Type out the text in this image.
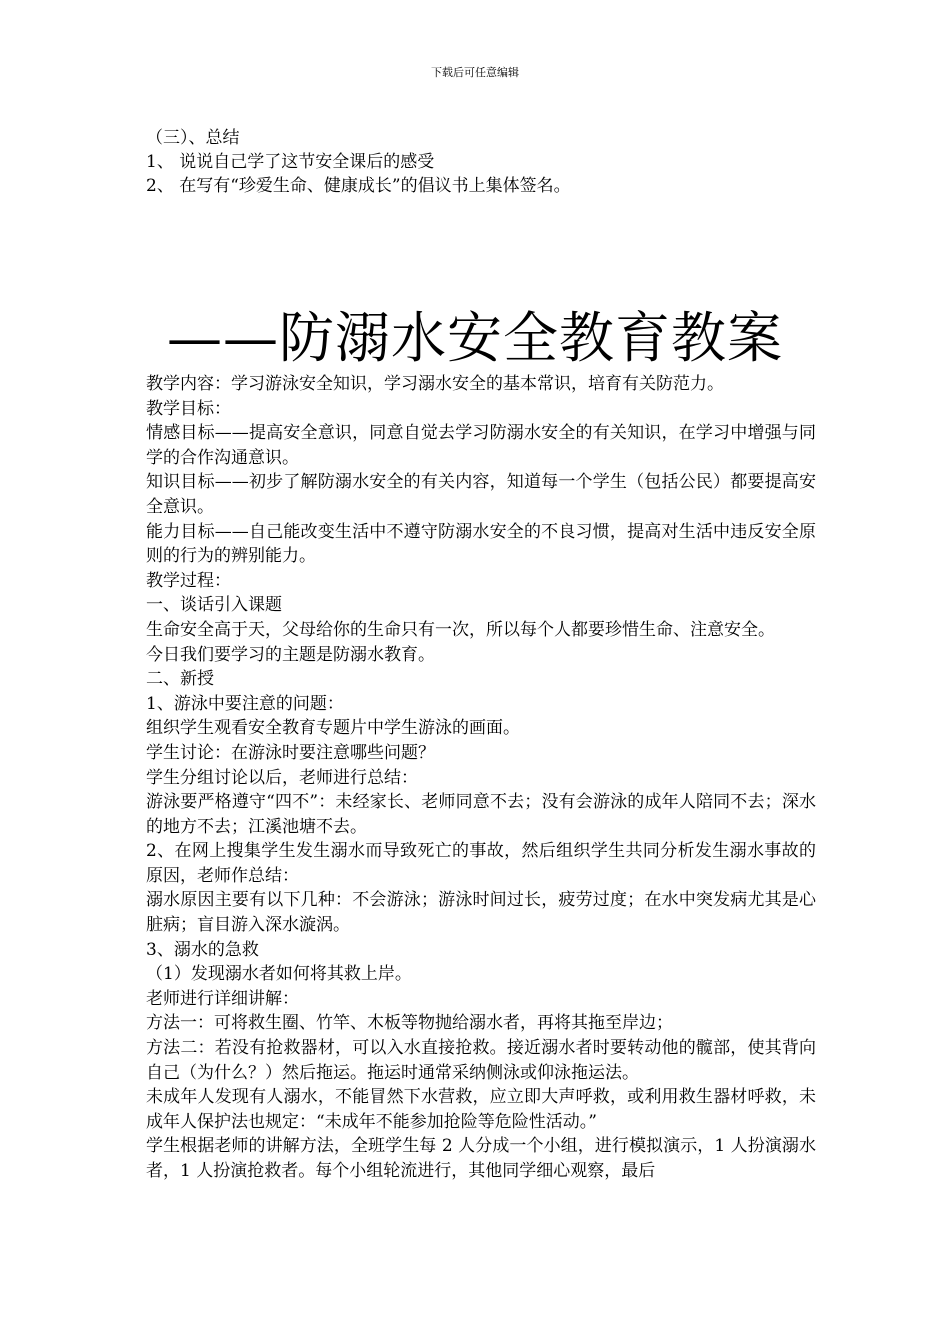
下载后可任意编辑
（三）、总结
1、 说说自己学了这节安全课后的感受
2、 在写有“珍爱生命、健康成长”的倡议书上集体签名。
——防溺水安全教育教案

教学内容：学习游泳安全知识，学习溺水安全的基本常识，培育有关防范力。

教学目标：

情感目标——提高安全意识，同意自觉去学习防溺水安全的有关知识，在学习中增强与同学的合作沟通意识。

知识目标——初步了解防溺水安全的有关内容，知道每一个学生（包括公民）都要提高安全意识。

能力目标——自己能改变生活中不遵守防溺水安全的不良习惯，提高对生活中违反安全原则的行为的辨别能力。

教学过程：

一、谈话引入课题

生命安全高于天，父母给你的生命只有一次，所以每个人都要珍惜生命、注意安全。

今日我们要学习的主题是防溺水教育。

二、新授

1、游泳中要注意的问题：

组织学生观看安全教育专题片中学生游泳的画面。

学生讨论：在游泳时要注意哪些问题？

学生分组讨论以后，老师进行总结：

游泳要严格遵守“四不”：未经家长、老师同意不去；没有会游泳的成年人陪同不去；深水的地方不去；江溪池塘不去。

2、在网上搜集学生发生溺水而导致死亡的事故，然后组织学生共同分析发生溺水事故的原因，老师作总结：

溺水原因主要有以下几种：不会游泳；游泳时间过长，疲劳过度；在水中突发病尤其是心脏病；盲目游入深水漩涡。

3、溺水的急救

（1）发现溺水者如何将其救上岸。

老师进行详细讲解：

方法一：可将救生圈、竹竿、木板等物抛给溺水者，再将其拖至岸边；

方法二：若没有抢救器材，可以入水直接抢救。接近溺水者时要转动他的髋部，使其背向自己（为什么？）然后拖运。拖运时通常采纳侧泳或仰泳拖运法。

未成年人发现有人溺水，不能冒然下水营救，应立即大声呼救，或利用救生器材呼救，未成年人保护法也规定：“未成年不能参加抢险等危险性活动。”

学生根据老师的讲解方法，全班学生每 2 人分成一个小组，进行模拟演示，1 人扮演溺水者，1 人扮演抢救者。每个小组轮流进行，其他同学细心观察，最后
